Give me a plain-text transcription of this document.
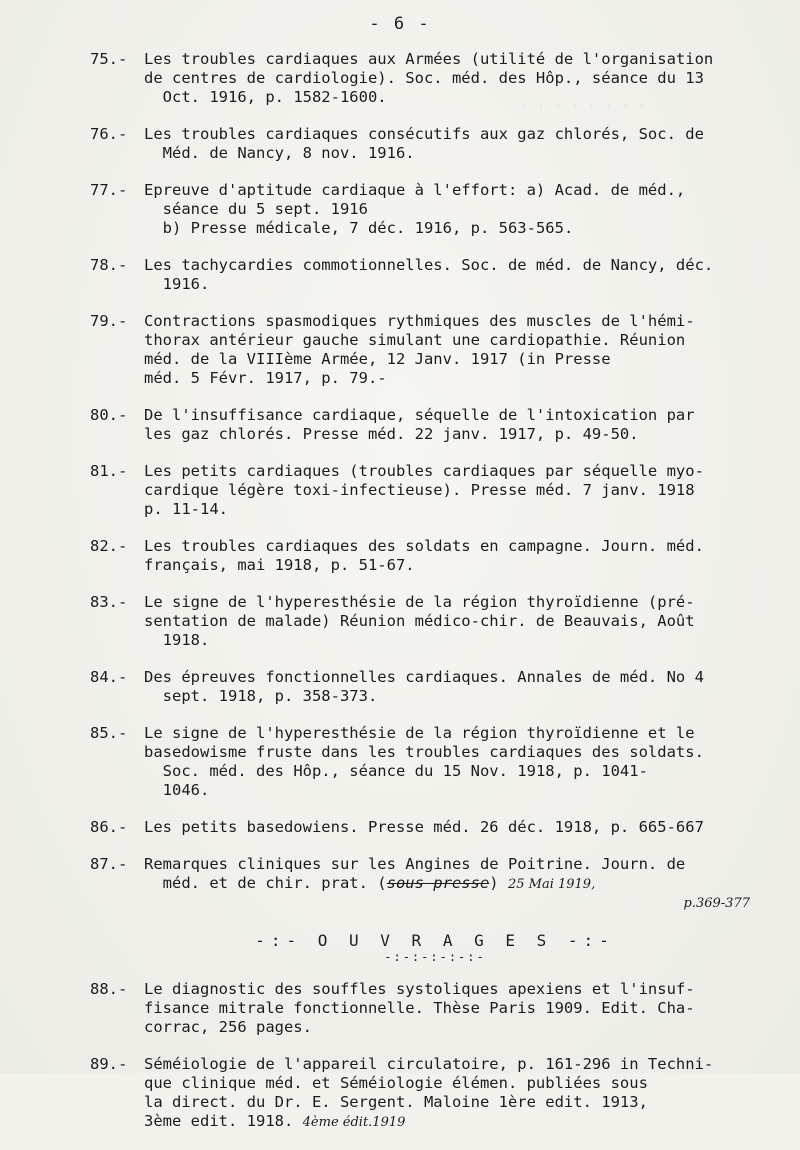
. . . . . . . .
- 6 -
75.-	Les troubles cardiaques aux Armées (utilité de l'organisation
de centres de cardiologie). Soc. méd. des Hôp., séance du 13
Oct. 1916, p. 1582-1600.
76.-	Les troubles cardiaques consécutifs aux gaz chlorés, Soc. de
Méd. de Nancy, 8 nov. 1916.
77.-	Epreuve d'aptitude cardiaque à l'effort: a) Acad. de méd.,
séance du 5 sept. 1916
b) Presse médicale, 7 déc. 1916, p. 563-565.
78.-	Les tachycardies commotionnelles. Soc. de méd. de Nancy, déc.
1916.
79.-	Contractions spasmodiques rythmiques des muscles de l'hémi-
thorax antérieur gauche simulant une cardiopathie. Réunion
méd. de la VIIIème Armée, 12 Janv. 1917 (in Presse
méd. 5 Févr. 1917, p. 79.-
80.-	De l'insuffisance cardiaque, séquelle de l'intoxication par
les gaz chlorés. Presse méd. 22 janv. 1917, p. 49-50.
81.-	Les petits cardiaques (troubles cardiaques par séquelle myo-
cardique légère toxi-infectieuse). Presse méd. 7 janv. 1918
p. 11-14.
82.-	Les troubles cardiaques des soldats en campagne. Journ. méd.
français, mai 1918, p. 51-67.
83.-	Le signe de l'hyperesthésie de la région thyroïdienne (pré-
sentation de malade) Réunion médico-chir. de Beauvais, Août
1918.
84.-	Des épreuves fonctionnelles cardiaques. Annales de méd. No 4
sept. 1918, p. 358-373.
85.-	Le signe de l'hyperesthésie de la région thyroïdienne et le
basedowisme fruste dans les troubles cardiaques des soldats.
Soc. méd. des Hôp., séance du 15 Nov. 1918, p. 1041-
1046.
86.-	Les petits basedowiens. Presse méd. 26 déc. 1918, p. 665-667
87.-	Remarques cliniques sur les Angines de Poitrine. Journ. de
méd. et de chir. prat. (sous presse) 25 Mai 1919,
p.369-377
-:- O U V R A G E S -:-
-:-:-:-:-:-
88.-	Le diagnostic des souffles systoliques apexiens et l'insuf-
fisance mitrale fonctionnelle. Thèse Paris 1909. Edit. Cha-
corrac, 256 pages.
89.-	Séméiologie de l'appareil circulatoire, p. 161-296 in Techni-
que clinique méd. et Séméiologie élémen. publiées sous
la direct. du Dr. E. Sergent. Maloine 1ère edit. 1913,
3ème edit. 1918. 4ème édit.1919
